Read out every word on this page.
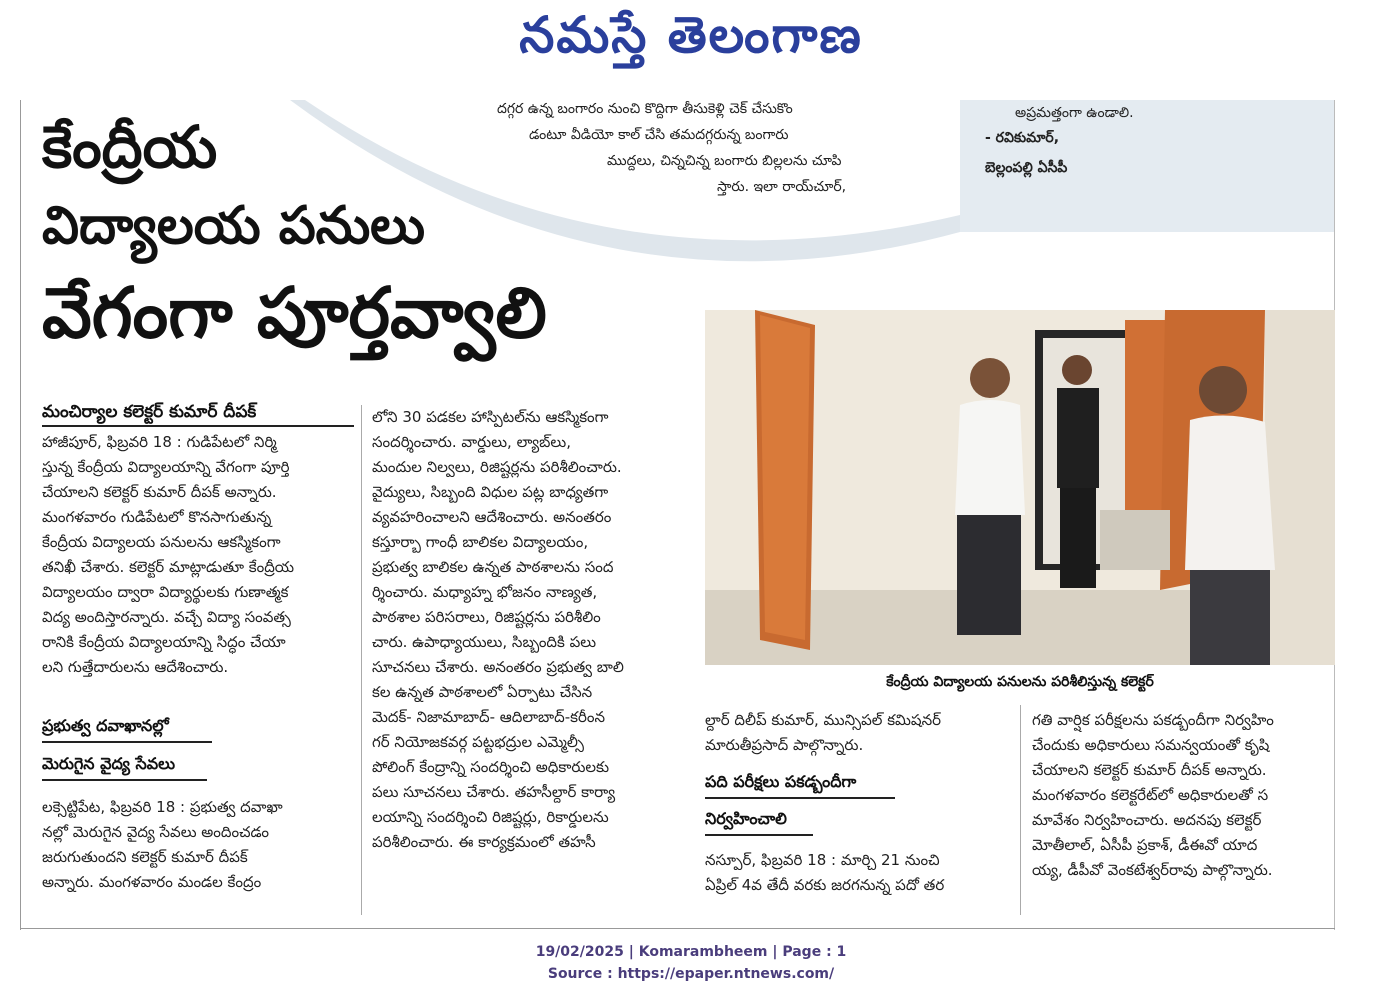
నమస్తే తెలంగాణ
దగ్గర ఉన్న బంగారం నుంచి కొద్దిగా తీసుకెళ్లి చెక్ చేసుకొం
డంటూ వీడియో కాల్ చేసి తమదగ్గరున్న బంగారు
ముద్దలు, చిన్నచిన్న బంగారు బిల్లలను చూపి
స్తారు. ఇలా రాయ్‌చూర్,
అప్రమత్తంగా ఉండాలి.
- రవికుమార్,
బెల్లంపల్లి ఏసీపీ
కేంద్రీయ
విద్యాలయ పనులు
వేగంగా పూర్తవ్వాలి
మంచిర్యాల కలెక్టర్ కుమార్ దీపక్
హాజీపూర్, ఫిబ్రవరి 18 : గుడిపేటలో నిర్మి
స్తున్న కేంద్రీయ విద్యాలయాన్ని వేగంగా పూర్తి
చేయాలని కలెక్టర్ కుమార్ దీపక్ అన్నారు.
మంగళవారం గుడిపేటలో కొనసాగుతున్న
కేంద్రీయ విద్యాలయ పనులను ఆకస్మికంగా
తనిఖీ చేశారు. కలెక్టర్ మాట్లాడుతూ కేంద్రీయ
విద్యాలయం ద్వారా విద్యార్థులకు గుణాత్మక
విద్య అందిస్తారన్నారు. వచ్చే విద్యా సంవత్స
రానికి కేంద్రీయ విద్యాలయాన్ని సిద్ధం చేయా
లని గుత్తేదారులను ఆదేశించారు.
ప్రభుత్వ దవాఖానల్లో
మెరుగైన వైద్య సేవలు
లక్సెట్టిపేట, ఫిబ్రవరి 18 : ప్రభుత్వ దవాఖా
నల్లో మెరుగైన వైద్య సేవలు అందించడం
జరుగుతుందని కలెక్టర్ కుమార్ దీపక్
అన్నారు. మంగళవారం మండల కేంద్రం
లోని 30 పడకల హాస్పిటల్‌ను ఆకస్మికంగా
సందర్శించారు. వార్డులు, ల్యాబ్‌లు,
మందుల నిల్వలు, రిజిష్టర్లను పరిశీలించారు.
వైద్యులు, సిబ్బంది విధుల పట్ల బాధ్యతగా
వ్యవహరించాలని ఆదేశించారు. అనంతరం
కస్తూర్బా గాంధీ బాలికల విద్యాలయం,
ప్రభుత్వ బాలికల ఉన్నత పాఠశాలను సంద
ర్శించారు. మధ్యాహ్న భోజనం నాణ్యత,
పాఠశాల పరిసరాలు, రిజిష్టర్లను పరిశీలిం
చారు. ఉపాధ్యాయులు, సిబ్బందికి పలు
సూచనలు చేశారు. అనంతరం ప్రభుత్వ బాలి
కల ఉన్నత పాఠశాలలో ఏర్పాటు చేసిన
మెదక్- నిజామాబాద్- ఆదిలాబాద్-కరీంన
గర్ నియోజకవర్గ పట్టభద్రుల ఎమ్మెల్సీ
పోలింగ్ కేంద్రాన్ని సందర్శించి అధికారులకు
పలు సూచనలు చేశారు. తహసీల్దార్ కార్యా
లయాన్ని సందర్శించి రిజిష్టర్లు, రికార్డులను
పరిశీలించారు. ఈ కార్యక్రమంలో తహసీ
కేంద్రీయ విద్యాలయ పనులను పరిశీలిస్తున్న కలెక్టర్
ల్దార్ దిలీప్ కుమార్, మున్సిపల్ కమిషనర్
మారుతీప్రసాద్ పాల్గొన్నారు.
పది పరీక్షలు పకడ్బందీగా
నిర్వహించాలి
నస్పూర్, ఫిబ్రవరి 18 : మార్చి 21 నుంచి
ఏప్రిల్ 4వ తేదీ వరకు జరగనున్న పదో తర
గతి వార్షిక పరీక్షలను పకడ్బందీగా నిర్వహిం
చేందుకు అధికారులు సమన్వయంతో కృషి
చేయాలని కలెక్టర్ కుమార్ దీపక్ అన్నారు.
మంగళవారం కలెక్టరేట్‌లో అధికారులతో స
మావేశం నిర్వహించారు. అదనపు కలెక్టర్
మోతీలాల్, ఏసీపీ ప్రకాశ్, డీఈవో యాద
య్య, డీపీవో వెంకటేశ్వర్‌రావు పాల్గొన్నారు.
19/02/2025 | Komarambheem | Page : 1
Source : https://epaper.ntnews.com/
